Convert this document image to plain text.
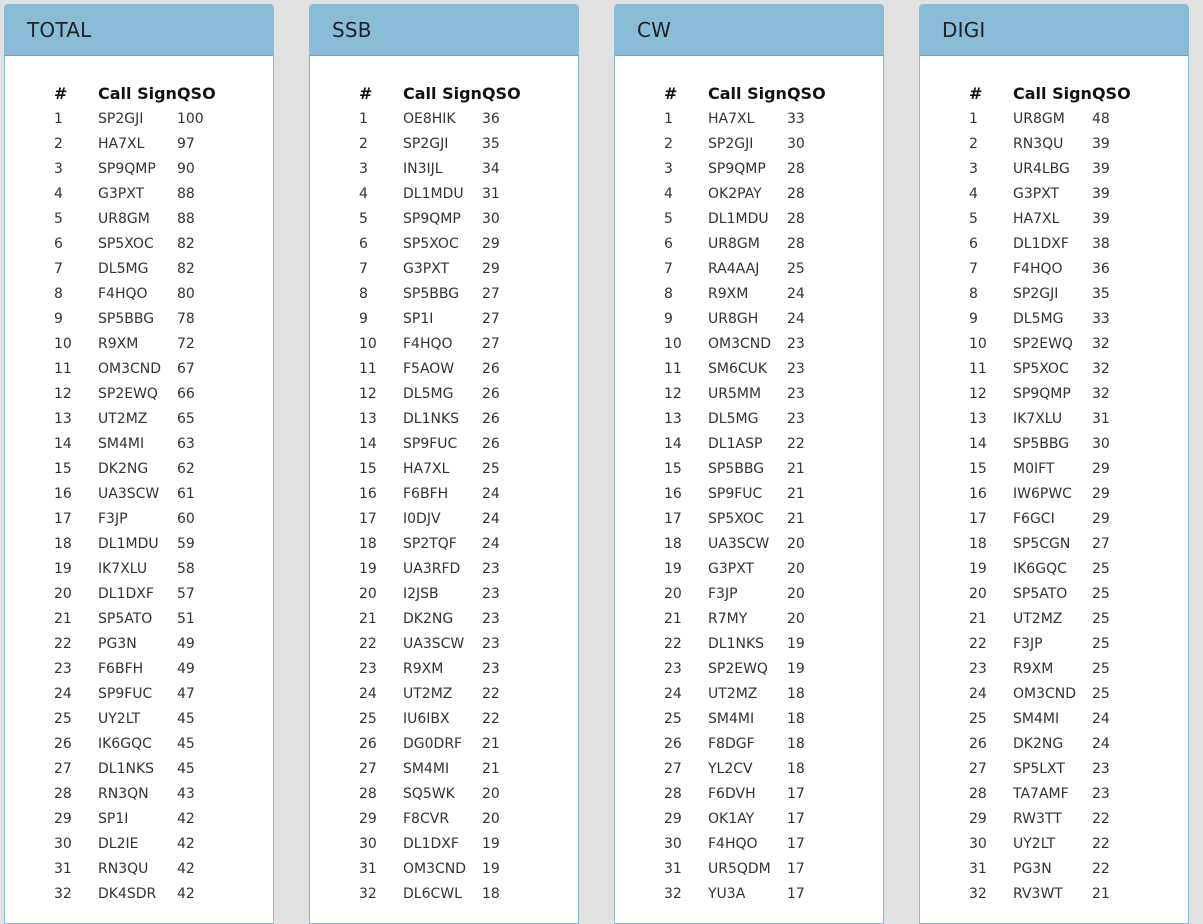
TOTAL
#	Call Sign	QSO
1	SP2GJI	100
2	HA7XL	97
3	SP9QMP	90
4	G3PXT	88
5	UR8GM	88
6	SP5XOC	82
7	DL5MG	82
8	F4HQO	80
9	SP5BBG	78
10	R9XM	72
11	OM3CND	67
12	SP2EWQ	66
13	UT2MZ	65
14	SM4MI	63
15	DK2NG	62
16	UA3SCW	61
17	F3JP	60
18	DL1MDU	59
19	IK7XLU	58
20	DL1DXF	57
21	SP5ATO	51
22	PG3N	49
23	F6BFH	49
24	SP9FUC	47
25	UY2LT	45
26	IK6GQC	45
27	DL1NKS	45
28	RN3QN	43
29	SP1I	42
30	DL2IE	42
31	RN3QU	42
32	DK4SDR	42
SSB
#	Call Sign	QSO
1	OE8HIK	36
2	SP2GJI	35
3	IN3IJL	34
4	DL1MDU	31
5	SP9QMP	30
6	SP5XOC	29
7	G3PXT	29
8	SP5BBG	27
9	SP1I	27
10	F4HQO	27
11	F5AOW	26
12	DL5MG	26
13	DL1NKS	26
14	SP9FUC	26
15	HA7XL	25
16	F6BFH	24
17	I0DJV	24
18	SP2TQF	24
19	UA3RFD	23
20	I2JSB	23
21	DK2NG	23
22	UA3SCW	23
23	R9XM	23
24	UT2MZ	22
25	IU6IBX	22
26	DG0DRF	21
27	SM4MI	21
28	SQ5WK	20
29	F8CVR	20
30	DL1DXF	19
31	OM3CND	19
32	DL6CWL	18
CW
#	Call Sign	QSO
1	HA7XL	33
2	SP2GJI	30
3	SP9QMP	28
4	OK2PAY	28
5	DL1MDU	28
6	UR8GM	28
7	RA4AAJ	25
8	R9XM	24
9	UR8GH	24
10	OM3CND	23
11	SM6CUK	23
12	UR5MM	23
13	DL5MG	23
14	DL1ASP	22
15	SP5BBG	21
16	SP9FUC	21
17	SP5XOC	21
18	UA3SCW	20
19	G3PXT	20
20	F3JP	20
21	R7MY	20
22	DL1NKS	19
23	SP2EWQ	19
24	UT2MZ	18
25	SM4MI	18
26	F8DGF	18
27	YL2CV	18
28	F6DVH	17
29	OK1AY	17
30	F4HQO	17
31	UR5QDM	17
32	YU3A	17
DIGI
#	Call Sign	QSO
1	UR8GM	48
2	RN3QU	39
3	UR4LBG	39
4	G3PXT	39
5	HA7XL	39
6	DL1DXF	38
7	F4HQO	36
8	SP2GJI	35
9	DL5MG	33
10	SP2EWQ	32
11	SP5XOC	32
12	SP9QMP	32
13	IK7XLU	31
14	SP5BBG	30
15	M0IFT	29
16	IW6PWC	29
17	F6GCI	29
18	SP5CGN	27
19	IK6GQC	25
20	SP5ATO	25
21	UT2MZ	25
22	F3JP	25
23	R9XM	25
24	OM3CND	25
25	SM4MI	24
26	DK2NG	24
27	SP5LXT	23
28	TA7AMF	23
29	RW3TT	22
30	UY2LT	22
31	PG3N	22
32	RV3WT	21
